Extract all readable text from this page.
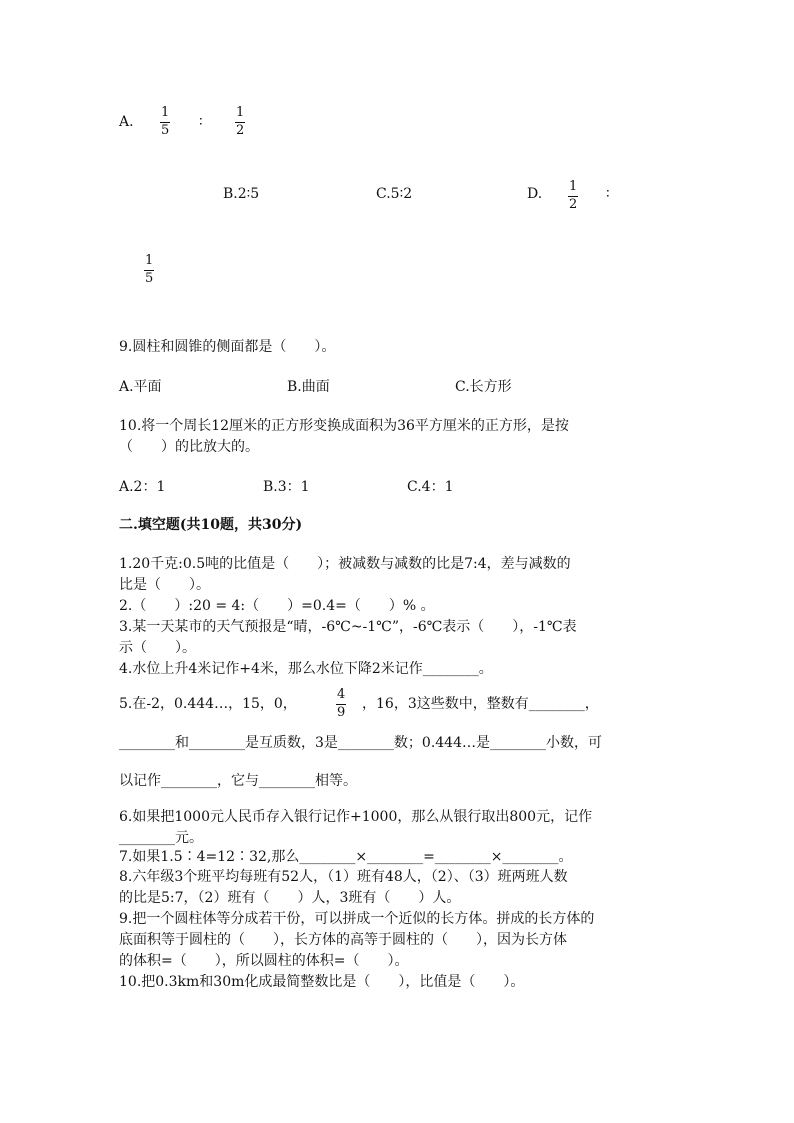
A.
1
5
∶
1
2
B.2∶5	C.5∶2	D. 1
2
∶
1
5
9.圆柱和圆锥的侧面都是（　　）。
A.平面	B.曲面	C.长方形
10.将一个周长12厘米的正方形变换成面积为36平方厘米的正方形，是按
（　　）的比放大的。
A.2：1	B.3：1	C.4：1
二.填空题(共10题，共30分)
1.20千克:0.5吨的比值是（　　）；被减数与减数的比是7:4，差与减数的
比是（　　）。
2.（　　）:20 = 4:（　　）=0.4=（　　）% 。
3.某一天某市的天气预报是“晴，-6℃~-1℃”，-6℃表示（　　），-1℃表
示（　　）。
4.水位上升4米记作+4米，那么水位下降2米记作________。
5.在-2，0.444…，15，0，
4
9
，16，3这些数中，整数有________，
________和________是互质数，3是________数；0.444…是________小数，可
以记作________，它与________相等。
6.如果把1000元人民币存入银行记作+1000，那么从银行取出800元，记作
________元。
7.如果1.5∶4=12∶32,那么________×________=________×________。
8.六年级3个班平均每班有52人，（1）班有48人，（2）、（3）班两班人数
的比是5:7，（2）班有（　　）人，3班有（　　）人。
9.把一个圆柱体等分成若干份，可以拼成一个近似的长方体。拼成的长方体的
底面积等于圆柱的（　　），长方体的高等于圆柱的（　　），因为长方体
的体积=（　　），所以圆柱的体积=（　　）。
10.把0.3km和30m化成最简整数比是（　　），比值是（　　）。
